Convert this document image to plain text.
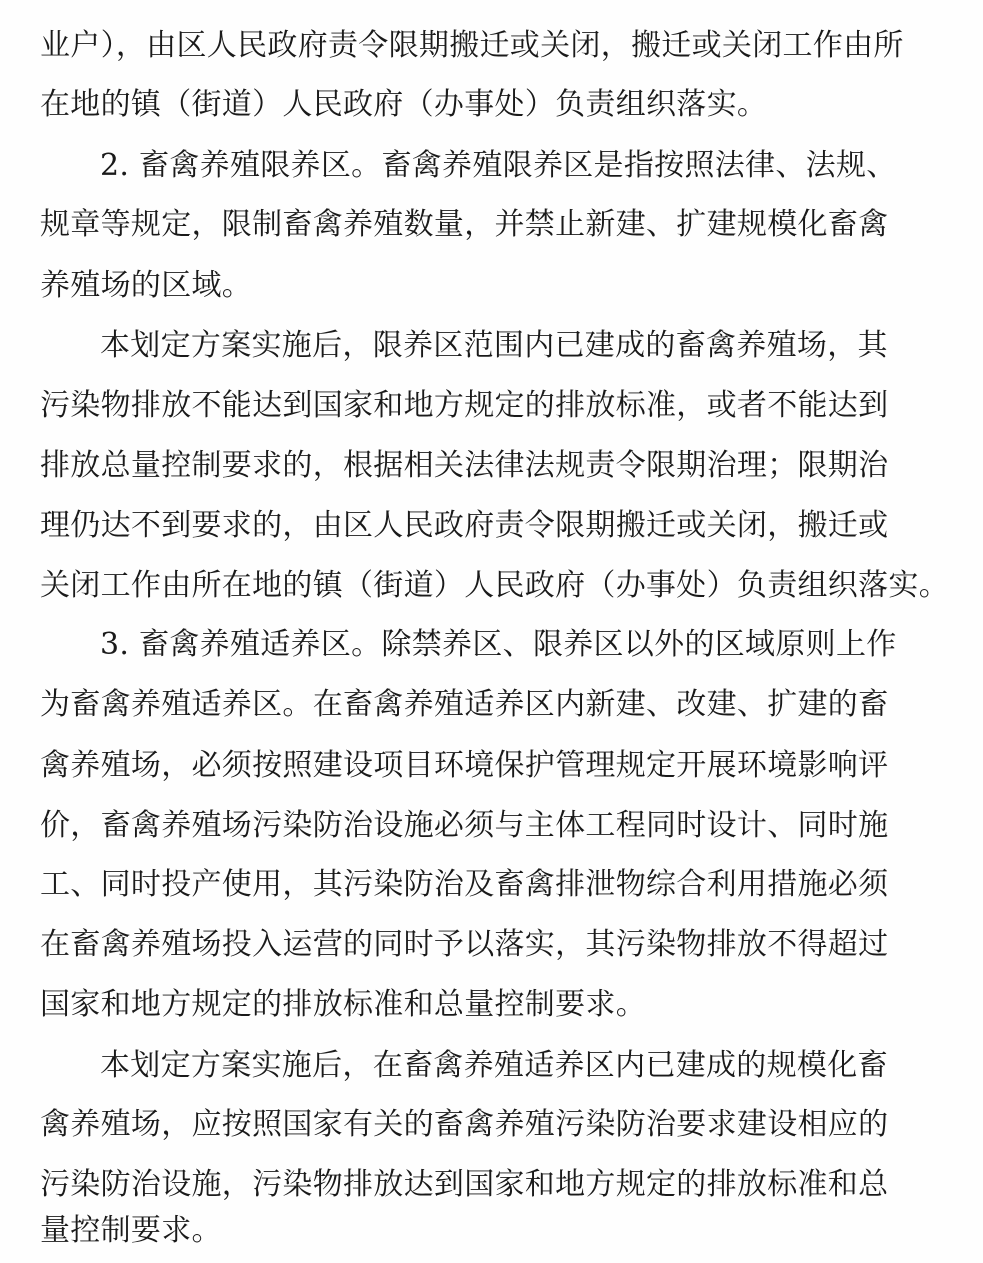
业户），由区人民政府责令限期搬迁或关闭，搬迁或关闭工作由所
在地的镇（街道）人民政府（办事处）负责组织落实。
2. 畜禽养殖限养区。畜禽养殖限养区是指按照法律、法规、
规章等规定，限制畜禽养殖数量，并禁止新建、扩建规模化畜禽
养殖场的区域。
本划定方案实施后，限养区范围内已建成的畜禽养殖场，其
污染物排放不能达到国家和地方规定的排放标准，或者不能达到
排放总量控制要求的，根据相关法律法规责令限期治理；限期治
理仍达不到要求的，由区人民政府责令限期搬迁或关闭，搬迁或
关闭工作由所在地的镇（街道）人民政府（办事处）负责组织落实。
3. 畜禽养殖适养区。除禁养区、限养区以外的区域原则上作
为畜禽养殖适养区。在畜禽养殖适养区内新建、改建、扩建的畜
禽养殖场，必须按照建设项目环境保护管理规定开展环境影响评
价，畜禽养殖场污染防治设施必须与主体工程同时设计、同时施
工、同时投产使用，其污染防治及畜禽排泄物综合利用措施必须
在畜禽养殖场投入运营的同时予以落实，其污染物排放不得超过
国家和地方规定的排放标准和总量控制要求。
本划定方案实施后，在畜禽养殖适养区内已建成的规模化畜
禽养殖场，应按照国家有关的畜禽养殖污染防治要求建设相应的
污染防治设施，污染物排放达到国家和地方规定的排放标准和总
量控制要求。
